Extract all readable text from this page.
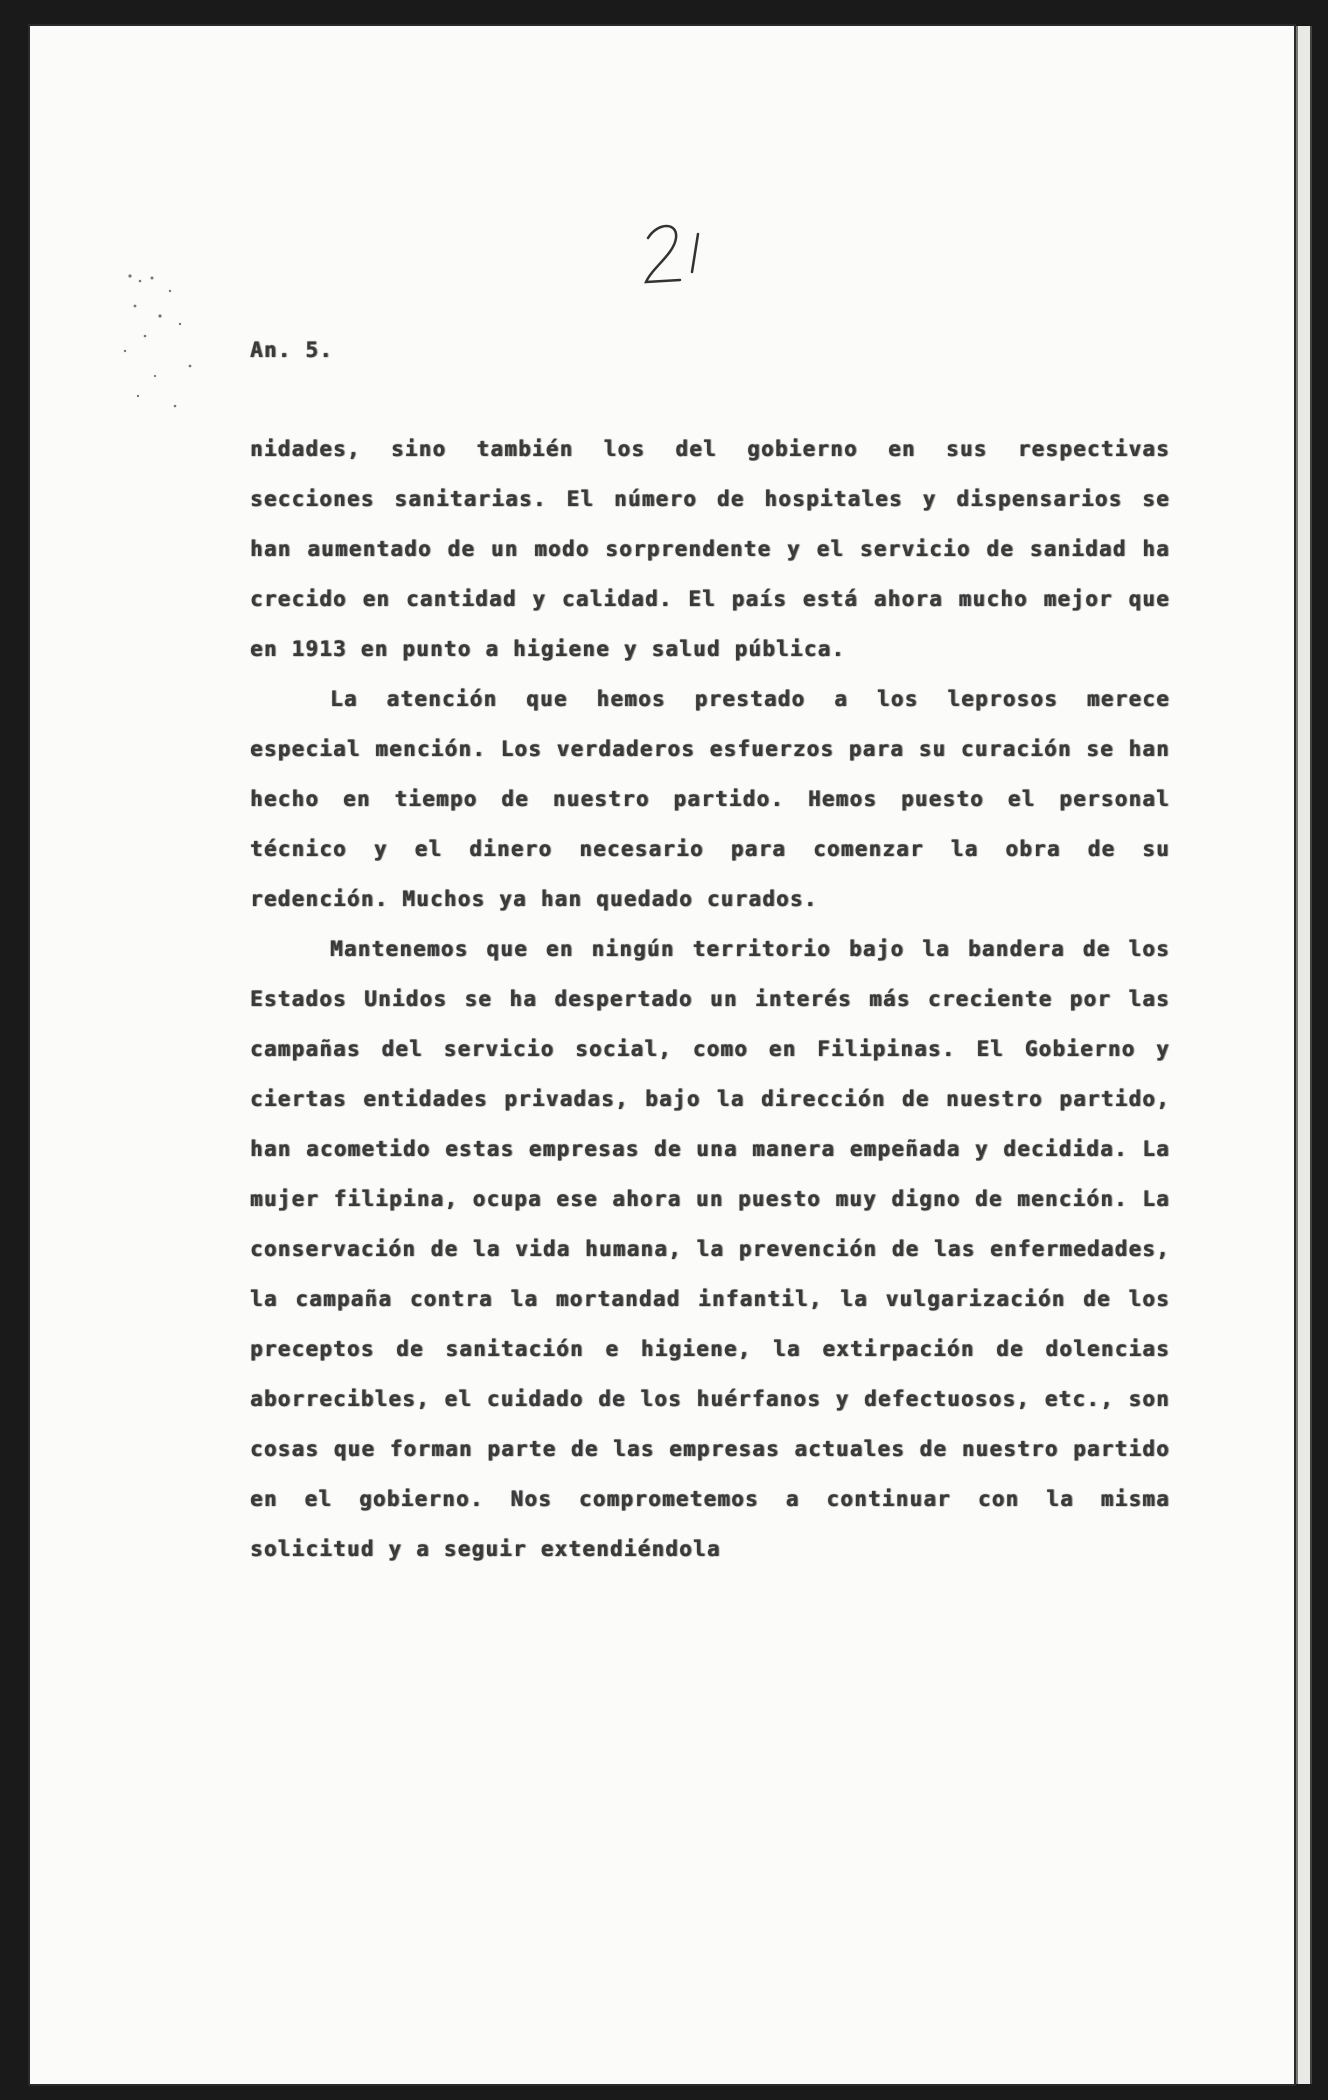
An. 5.

nidades, sino también los del gobierno en sus respectivas secciones sanitarias. El número de hospitales y dispensarios se han aumentado de un modo sorprendente y el servicio de sanidad ha crecido en cantidad y calidad. El país está ahora mucho mejor que en 1913 en punto a higiene y salud pública.

La atención que hemos prestado a los leprosos merece especial mención. Los verdaderos esfuerzos para su curación se han hecho en tiempo de nuestro partido. Hemos puesto el personal técnico y el dinero necesario para comenzar la obra de su redención. Muchos ya han quedado curados.

Mantenemos que en ningún territorio bajo la bandera de los Estados Unidos se ha despertado un interés más creciente por las campañas del servicio social, como en Filipinas. El Gobierno y ciertas entidades privadas, bajo la dirección de nuestro partido, han acometido estas empresas de una manera empeñada y decidida. La mujer filipina, ocupa ese ahora un puesto muy digno de mención. La conservación de la vida humana, la prevención de las enfermedades, la campaña contra la mortandad infantil, la vulgarización de los preceptos de sanitación e higiene, la extirpación de dolencias aborrecibles, el cuidado de los huérfanos y defectuosos, etc., son cosas que forman parte de las empresas actuales de nuestro partido en el gobierno. Nos comprometemos a continuar con la misma solicitud y a seguir extendiéndola
